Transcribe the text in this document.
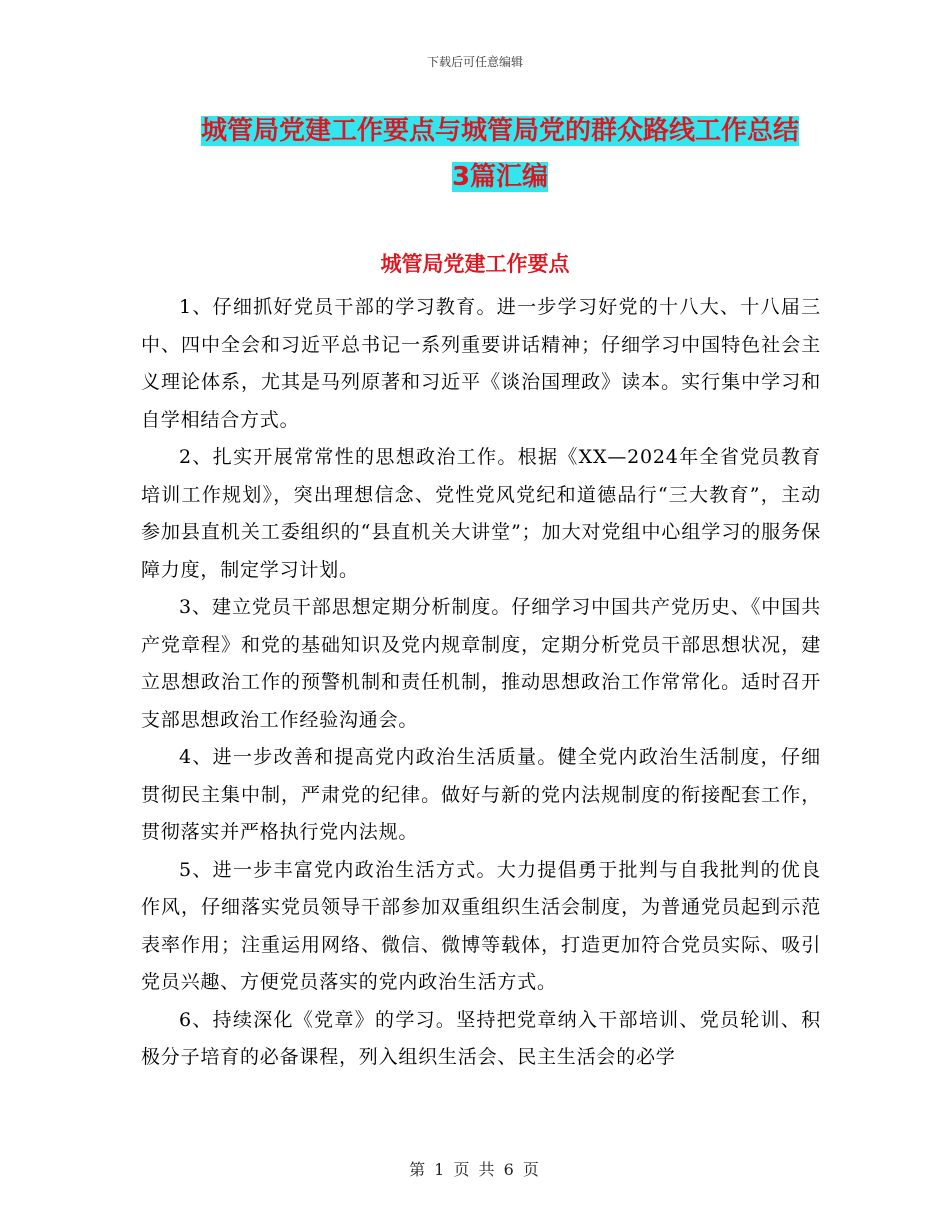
下载后可任意编辑
城管局党建工作要点与城管局党的群众路线工作总结
3篇汇编
城管局党建工作要点

1、仔细抓好党员干部的学习教育。进一步学习好党的十八大、十八届三中、四中全会和习近平总书记一系列重要讲话精神；仔细学习中国特色社会主义理论体系，尤其是马列原著和习近平《谈治国理政》读本。实行集中学习和自学相结合方式。

2、扎实开展常常性的思想政治工作。根据《XX—2024年全省党员教育培训工作规划》，突出理想信念、党性党风党纪和道德品行“三大教育”，主动参加县直机关工委组织的“县直机关大讲堂”；加大对党组中心组学习的服务保障力度，制定学习计划。

3、建立党员干部思想定期分析制度。仔细学习中国共产党历史、《中国共产党章程》和党的基础知识及党内规章制度，定期分析党员干部思想状况，建立思想政治工作的预警机制和责任机制，推动思想政治工作常常化。适时召开支部思想政治工作经验沟通会。

4、进一步改善和提高党内政治生活质量。健全党内政治生活制度，仔细贯彻民主集中制，严肃党的纪律。做好与新的党内法规制度的衔接配套工作，贯彻落实并严格执行党内法规。

5、进一步丰富党内政治生活方式。大力提倡勇于批判与自我批判的优良作风，仔细落实党员领导干部参加双重组织生活会制度，为普通党员起到示范表率作用；注重运用网络、微信、微博等载体，打造更加符合党员实际、吸引党员兴趣、方便党员落实的党内政治生活方式。

6、持续深化《党章》的学习。坚持把党章纳入干部培训、党员轮训、积极分子培育的必备课程，列入组织生活会、民主生活会的必学

第 1 页 共 6 页
